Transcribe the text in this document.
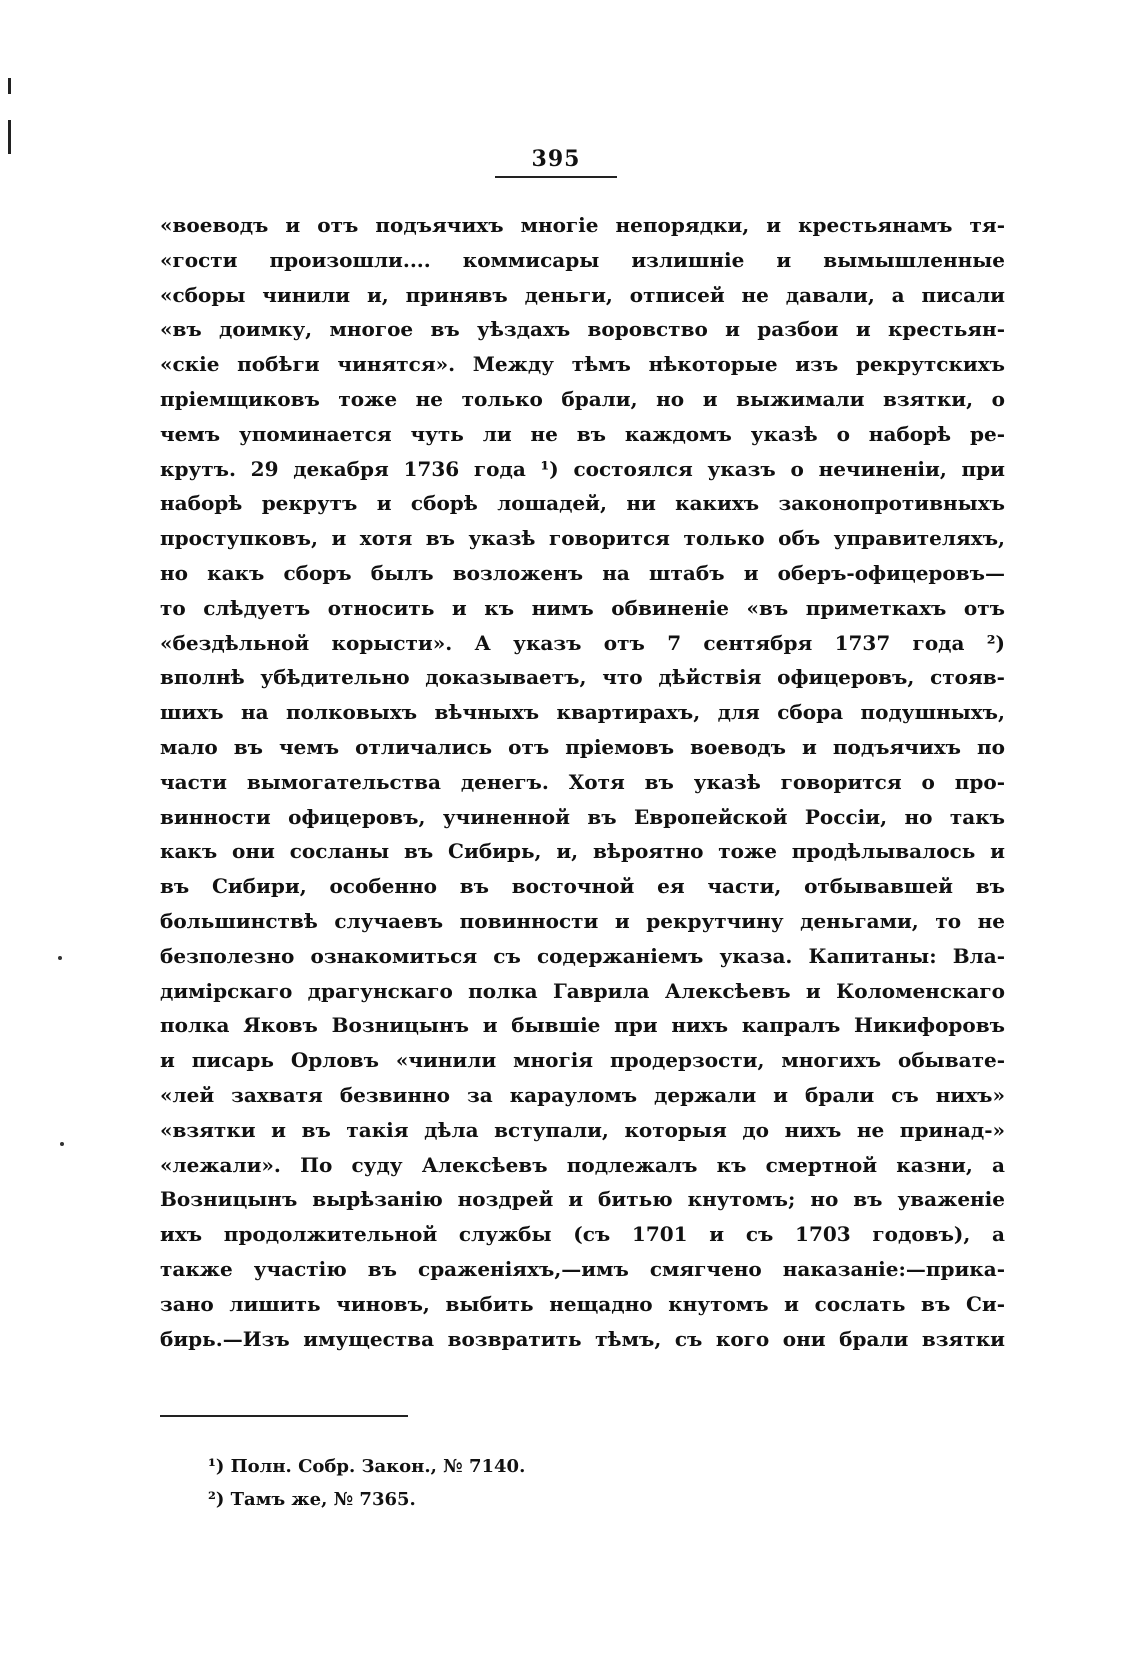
395
«воеводъ и отъ подъячихъ многіе непорядки, и крестьянамъ тя-
«гости произошли.... коммисары излишніе и вымышленные
«сборы чинили и, принявъ деньги, отписей не давали, а писали
«въ доимку, многое въ уѣздахъ воровство и разбои и крестьян-
«скіе побѣги чинятся». Между тѣмъ нѣкоторые изъ рекрутскихъ
пріемщиковъ тоже не только брали, но и выжимали взятки, о
чемъ упоминается чуть ли не въ каждомъ указѣ о наборѣ ре-
крутъ. 29 декабря 1736 года ¹) состоялся указъ о нечиненіи, при
наборѣ рекрутъ и сборѣ лошадей, ни какихъ законопротивныхъ
проступковъ, и хотя въ указѣ говорится только объ управителяхъ,
но какъ сборъ былъ возложенъ на штабъ и оберъ-офицеровъ—
то слѣдуетъ относить и къ нимъ обвиненіе «въ приметкахъ отъ
«бездѣльной корысти». А указъ отъ 7 сентября 1737 года ²)
вполнѣ убѣдительно доказываетъ, что дѣйствія офицеровъ, стояв-
шихъ на полковыхъ вѣчныхъ квартирахъ, для сбора подушныхъ,
мало въ чемъ отличались отъ пріемовъ воеводъ и подъячихъ по
части вымогательства денегъ. Хотя въ указѣ говорится о про-
винности офицеровъ, учиненной въ Европейской Россіи, но такъ
какъ они сосланы въ Сибирь, и, вѣроятно тоже продѣлывалось и
въ Сибири, особенно въ восточной ея части, отбывавшей въ
большинствѣ случаевъ повинности и рекрутчину деньгами, то не
безполезно ознакомиться съ содержаніемъ указа. Капитаны: Вла-
димірскаго драгунскаго полка Гаврила Алексѣевъ и Коломенскаго
полка Яковъ Возницынъ и бывшіе при нихъ капралъ Никифоровъ
и писарь Орловъ «чинили многія продерзости, многихъ обывате-
«лей захватя безвинно за карауломъ держали и брали съ нихъ»
«взятки и въ такія дѣла вступали, которыя до нихъ не принад-»
«лежали». По суду Алексѣевъ подлежалъ къ смертной казни, а
Возницынъ вырѣзанію ноздрей и битью кнутомъ; но въ уваженіе
ихъ продолжительной службы (съ 1701 и съ 1703 годовъ), а
также участію въ сраженіяхъ,—имъ смягчено наказаніе:—прика-
зано лишить чиновъ, выбить нещадно кнутомъ и сослать въ Си-
бирь.—Изъ имущества возвратить тѣмъ, съ кого они брали взятки
¹) Полн. Собр. Закон., № 7140.
²) Тамъ же, № 7365.
